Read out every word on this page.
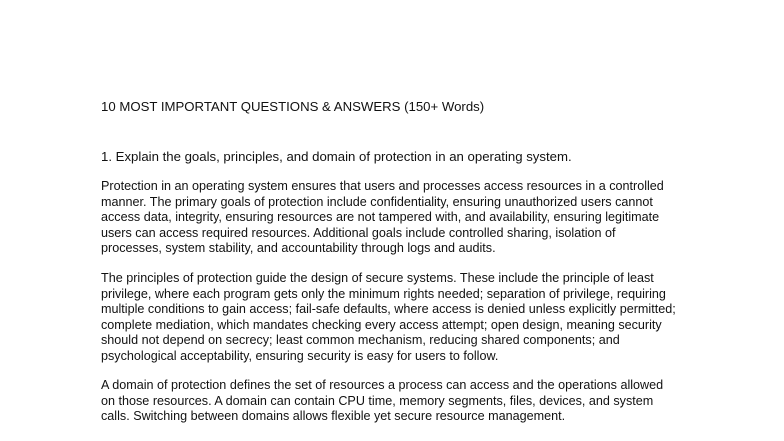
10 MOST IMPORTANT QUESTIONS & ANSWERS (150+ Words)
1. Explain the goals, principles, and domain of protection in an operating system.

Protection in an operating system ensures that users and processes access resources in a controlled
manner. The primary goals of protection include confidentiality, ensuring unauthorized users cannot
access data, integrity, ensuring resources are not tampered with, and availability, ensuring legitimate
users can access required resources. Additional goals include controlled sharing, isolation of
processes, system stability, and accountability through logs and audits.

The principles of protection guide the design of secure systems. These include the principle of least
privilege, where each program gets only the minimum rights needed; separation of privilege, requiring
multiple conditions to gain access; fail-safe defaults, where access is denied unless explicitly permitted;
complete mediation, which mandates checking every access attempt; open design, meaning security
should not depend on secrecy; least common mechanism, reducing shared components; and
psychological acceptability, ensuring security is easy for users to follow.

A domain of protection defines the set of resources a process can access and the operations allowed
on those resources. A domain can contain CPU time, memory segments, files, devices, and system
calls. Switching between domains allows flexible yet secure resource management.
